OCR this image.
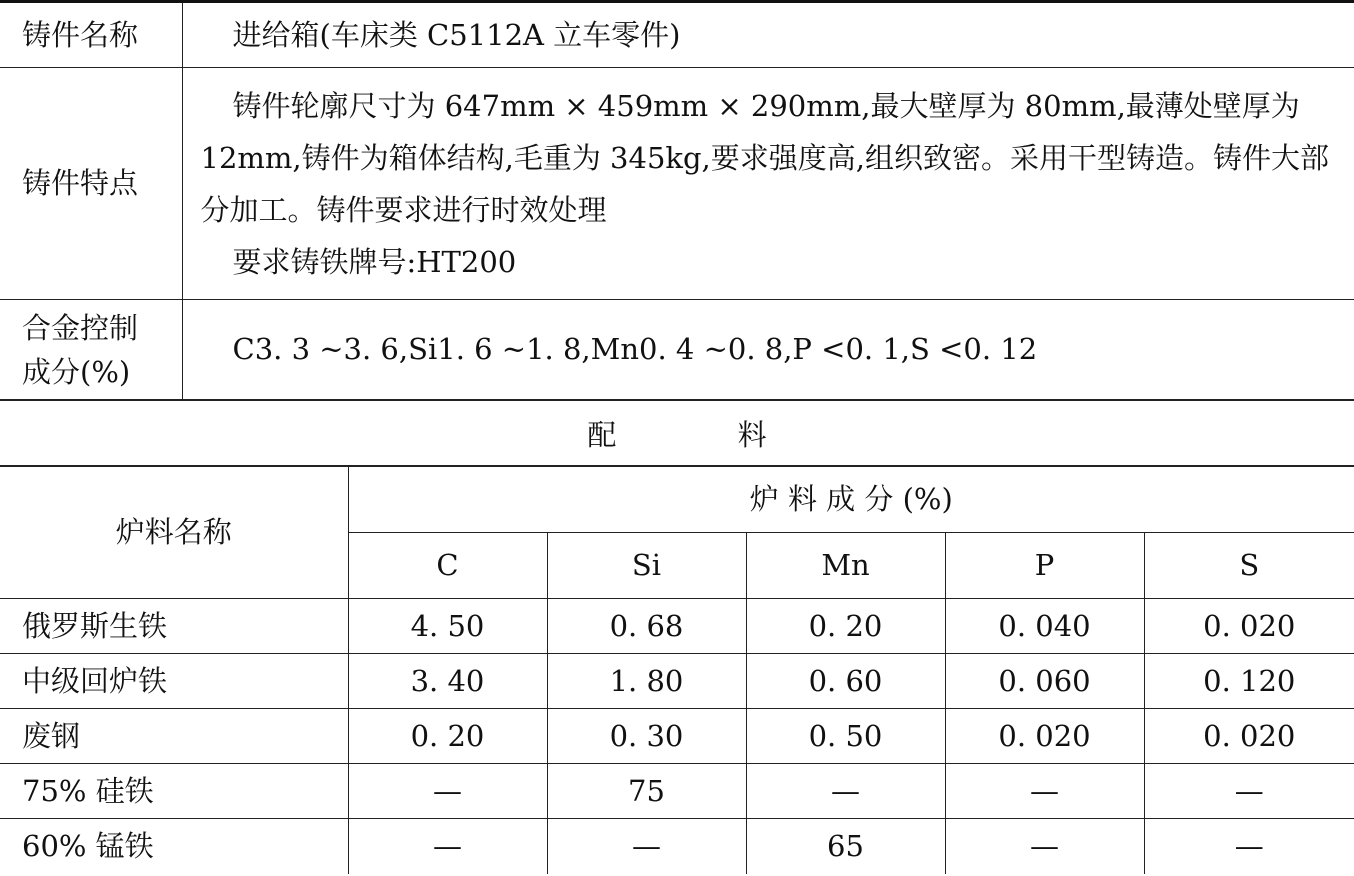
铸件名称	进给箱(车床类 C5112A 立车零件)
铸件特点	铸件轮廓尺寸为 647mm × 459mm × 290mm,最大壁厚为 80mm,最薄处壁厚为12mm,铸件为箱体结构,毛重为 345kg,要求强度高,组织致密。采用干型铸造。铸件大部分加工。铸件要求进行时效处理

要求铸铁牌号:HT200

合金控制
成分(%)	C3. 3 ~3. 6,Si1. 6 ~1. 8,Mn0. 4 ~0. 8,P <0. 1,S <0. 12
配 料
炉料名称	炉 料 成 分 (%)				
	C	Si	Mn	P	S
俄罗斯生铁	4. 50	0. 68	0. 20	0. 040	0. 020
中级回炉铁	3. 40	1. 80	0. 60	0. 060	0. 120
废钢	0. 20	0. 30	0. 50	0. 020	0. 020
75% 硅铁	—	75	—	—	—
60% 锰铁	—	—	65	—	—
